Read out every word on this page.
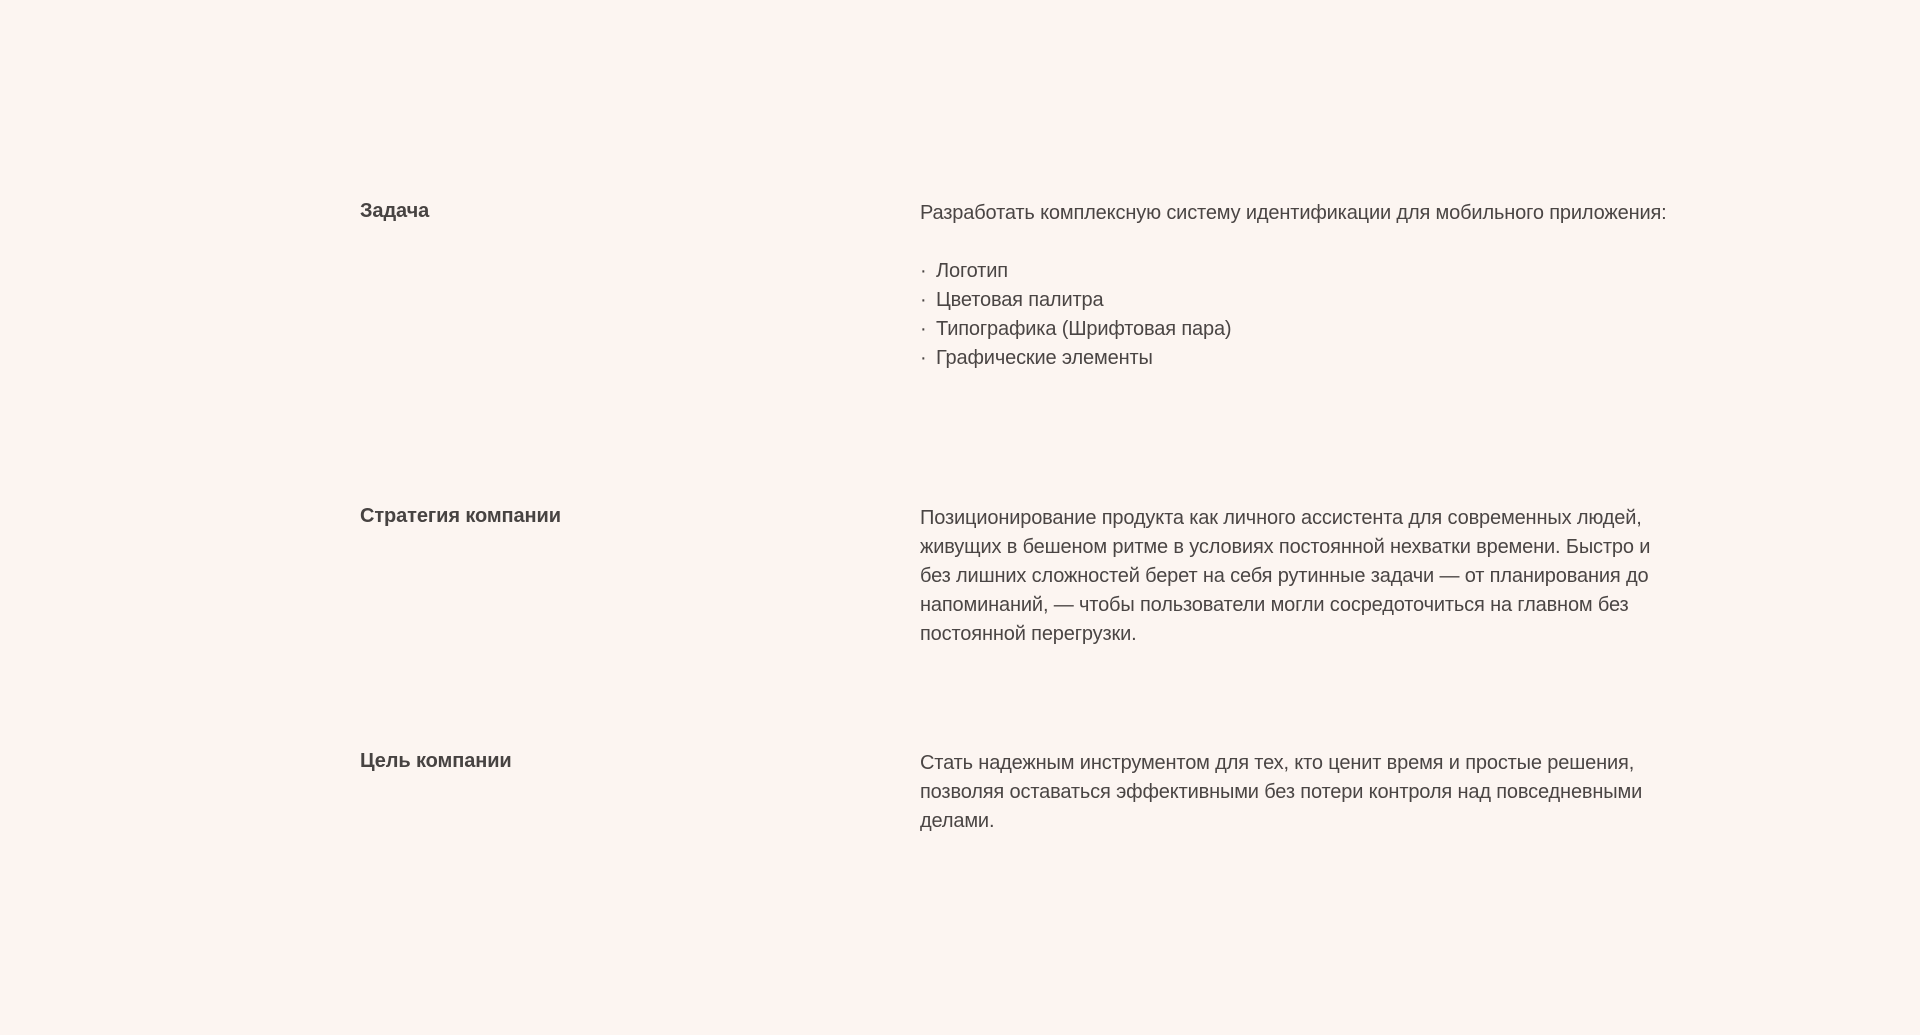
Задача	Разработать комплексную систему идентификации для мобильного приложения:

· Логотип
· Цветовая палитра
· Типографика (Шрифтовая пара)
· Графические элементы
Стратегия компании	Позиционирование продукта как личного ассистента для современных людей, живущих в бешеном ритме в условиях постоянной нехватки времени. Быстро и без лишних сложностей берет на себя рутинные задачи — от планирования до напоминаний, — чтобы пользователи могли сосредоточиться на главном без постоянной перегрузки.

Цель компании	Стать надежным инструментом для тех, кто ценит время и простые решения, позволяя оставаться эффективными без потери контроля над повседневными делами.
